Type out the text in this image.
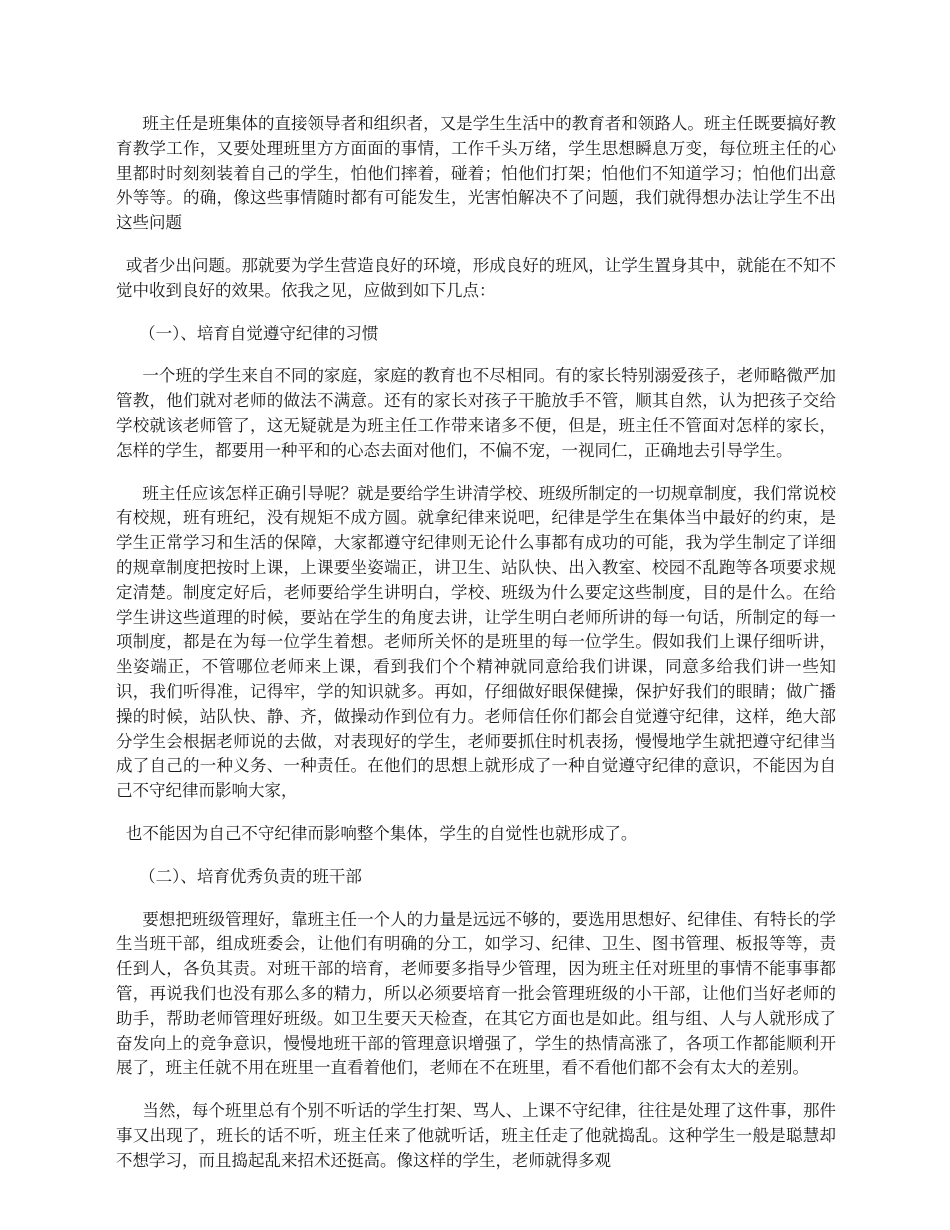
班主任是班集体的直接领导者和组织者，又是学生生活中的教育者和领路人。班主任既要搞好教育教学工作，又要处理班里方方面面的事情，工作千头万绪，学生思想瞬息万变，每位班主任的心里都时时刻刻装着自己的学生，怕他们摔着，碰着；怕他们打架；怕他们不知道学习；怕他们出意外等等。的确，像这些事情随时都有可能发生，光害怕解决不了问题，我们就得想办法让学生不出这些问题

或者少出问题。那就要为学生营造良好的环境，形成良好的班风，让学生置身其中，就能在不知不觉中收到良好的效果。依我之见，应做到如下几点：

（一）、培育自觉遵守纪律的习惯

一个班的学生来自不同的家庭，家庭的教育也不尽相同。有的家长特别溺爱孩子，老师略微严加管教，他们就对老师的做法不满意。还有的家长对孩子干脆放手不管，顺其自然，认为把孩子交给学校就该老师管了，这无疑就是为班主任工作带来诸多不便，但是，班主任不管面对怎样的家长，怎样的学生，都要用一种平和的心态去面对他们，不偏不宠，一视同仁，正确地去引导学生。

班主任应该怎样正确引导呢？就是要给学生讲清学校、班级所制定的一切规章制度，我们常说校有校规，班有班纪，没有规矩不成方圆。就拿纪律来说吧，纪律是学生在集体当中最好的约束，是学生正常学习和生活的保障，大家都遵守纪律则无论什么事都有成功的可能，我为学生制定了详细的规章制度把按时上课，上课要坐姿端正，讲卫生、站队快、出入教室、校园不乱跑等各项要求规定清楚。制度定好后，老师要给学生讲明白，学校、班级为什么要定这些制度，目的是什么。在给学生讲这些道理的时候，要站在学生的角度去讲，让学生明白老师所讲的每一句话，所制定的每一项制度，都是在为每一位学生着想。老师所关怀的是班里的每一位学生。假如我们上课仔细听讲，坐姿端正，不管哪位老师来上课，看到我们个个精神就同意给我们讲课，同意多给我们讲一些知识，我们听得准，记得牢，学的知识就多。再如，仔细做好眼保健操，保护好我们的眼睛；做广播操的时候，站队快、静、齐，做操动作到位有力。老师信任你们都会自觉遵守纪律，这样，绝大部分学生会根据老师说的去做，对表现好的学生，老师要抓住时机表扬，慢慢地学生就把遵守纪律当成了自己的一种义务、一种责任。在他们的思想上就形成了一种自觉遵守纪律的意识，不能因为自己不守纪律而影响大家，

也不能因为自己不守纪律而影响整个集体，学生的自觉性也就形成了。

（二）、培育优秀负责的班干部

要想把班级管理好，靠班主任一个人的力量是远远不够的，要选用思想好、纪律佳、有特长的学生当班干部，组成班委会，让他们有明确的分工，如学习、纪律、卫生、图书管理、板报等等，责任到人，各负其责。对班干部的培育，老师要多指导少管理，因为班主任对班里的事情不能事事都管，再说我们也没有那么多的精力，所以必须要培育一批会管理班级的小干部，让他们当好老师的助手，帮助老师管理好班级。如卫生要天天检查，在其它方面也是如此。组与组、人与人就形成了奋发向上的竞争意识，慢慢地班干部的管理意识增强了，学生的热情高涨了，各项工作都能顺利开展了，班主任就不用在班里一直看着他们，老师在不在班里，看不看他们都不会有太大的差别。

当然，每个班里总有个别不听话的学生打架、骂人、上课不守纪律，往往是处理了这件事，那件事又出现了，班长的话不听，班主任来了他就听话，班主任走了他就捣乱。这种学生一般是聪慧却不想学习，而且捣起乱来招术还挺高。像这样的学生，老师就得多观
